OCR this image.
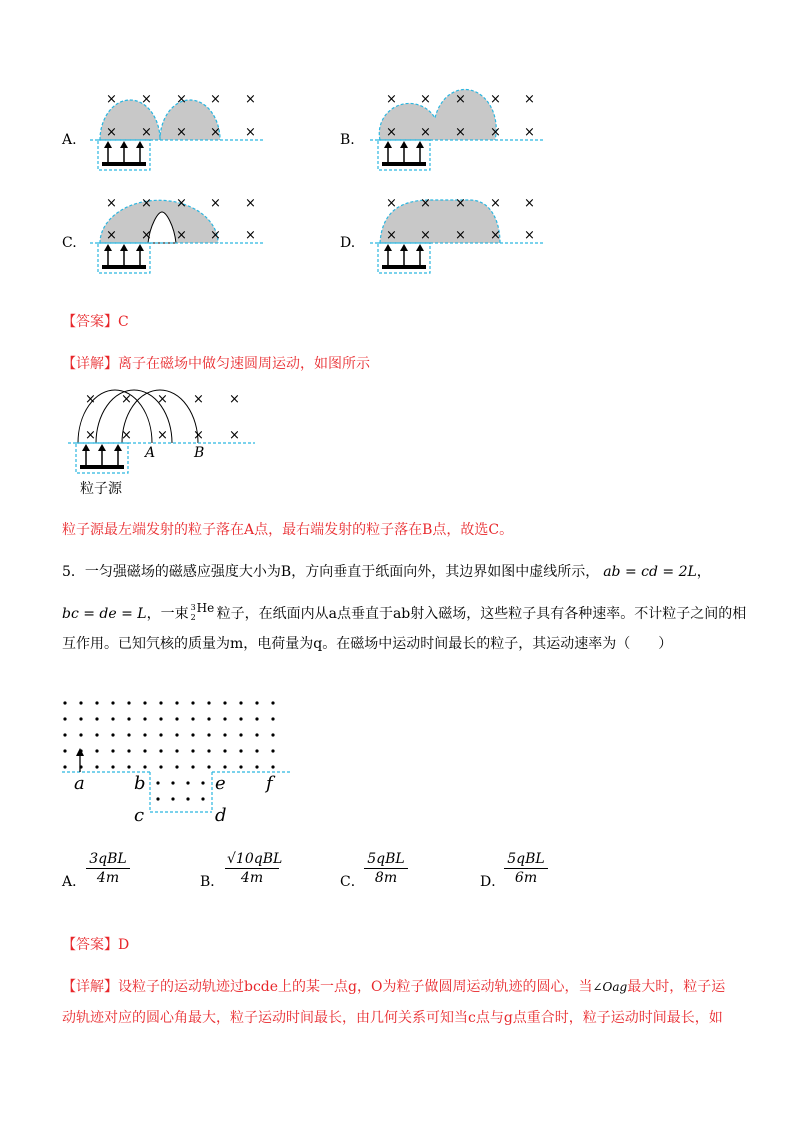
× × × × ×
× × × × ×
× × × × ×
× × × × ×
× × × × ×
× × × × ×
× × × × ×
× × × × ×
A.	B.
C.	D.
【答案】C
【详解】离子在磁场中做匀速圆周运动，如图所示
× × × × ×
× × × × ×
A	B
粒子源
粒子源最左端发射的粒子落在A点，最右端发射的粒子落在B点，故选C。
5．一匀强磁场的磁感应强度大小为B，方向垂直于纸面向外，其边界如图中虚线所示， ab = cd = 2L，
bc = de = L，一束 3
2
He 粒子，在纸面内从a点垂直于ab射入磁场，这些粒子具有各种速率。不计粒子之间的相
互作用。已知氕核的质量为m，电荷量为q。在磁场中运动时间最长的粒子，其运动速率为（　　）
a	b
c	d
e f
A．
3qBL
4m	B．
√10qBL
4m	C．
5qBL
8m	D．
5qBL
6m
【答案】D
【详解】设粒子的运动轨迹过bcde上的某一点g，O为粒子做圆周运动轨迹的圆心，当∠Oag最大时，粒子运
动轨迹对应的圆心角最大，粒子运动时间最长，由几何关系可知当c点与g点重合时，粒子运动时间最长，如
